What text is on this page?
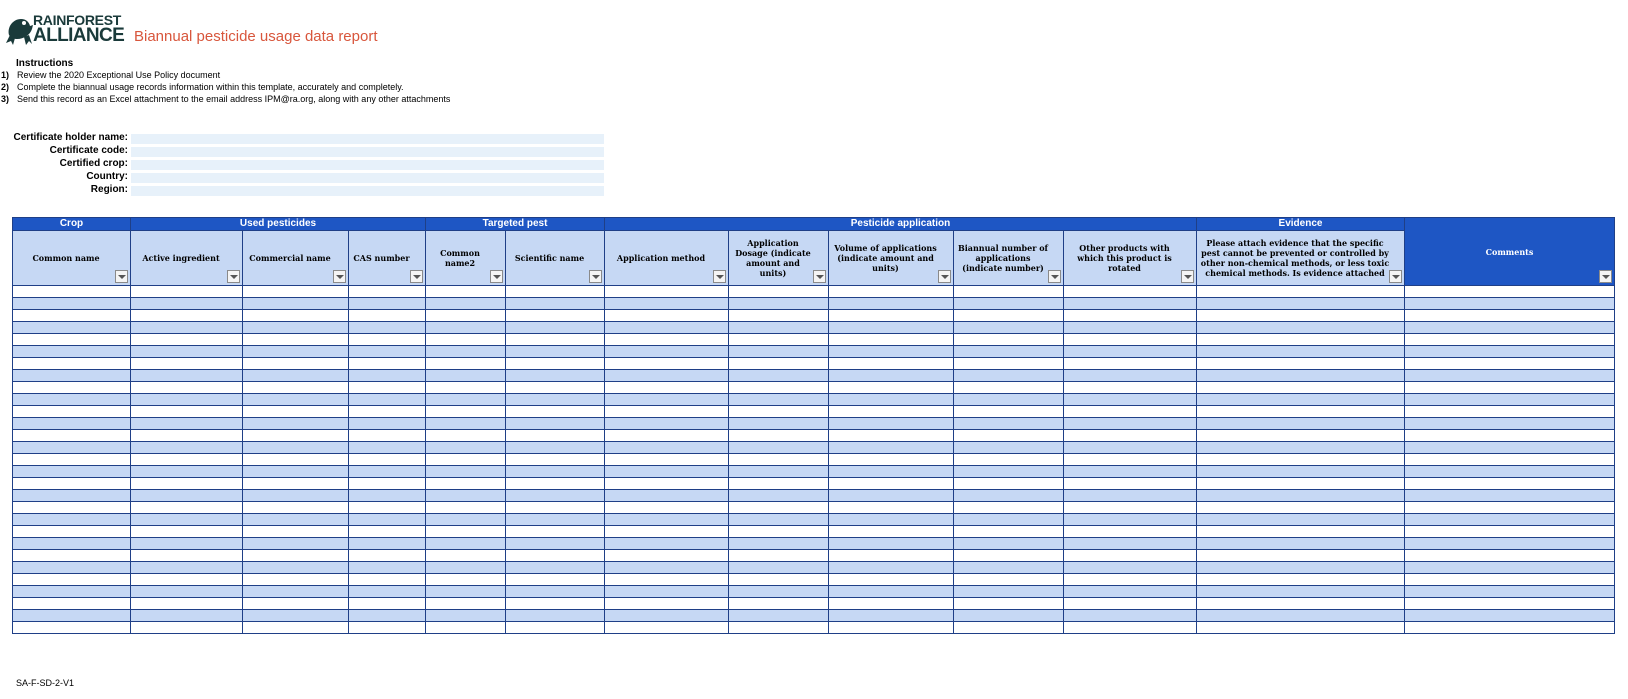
RAINFOREST
ALLIANCE Biannual pesticide usage data report
Instructions
1) Review the 2020 Exceptional Use Policy document
2) Complete the biannual usage records information within this template, accurately and completely.
3) Send this record as an Excel attachment to the email address IPM@ra.org, along with any other attachments
Certificate holder name:
Certificate code:
Certified crop:
Country:
Region:
Crop	Used pesticides			Targeted pest		Pesticide application					Evidence	Comments

Common name	Active ingredient	Commercial name	CAS number	Common name2	Scientific name	Application method	Application Dosage (indicate amount and units)	Volume of applications (indicate amount and units)	Biannual number of applications (indicate number)	Other products with which this product is rotated	Please attach evidence that the specific pest cannot be prevented or controlled by other non-chemical methods, or less toxic chemical methods. Is evidence attached	

SA-F-SD-2-V1
